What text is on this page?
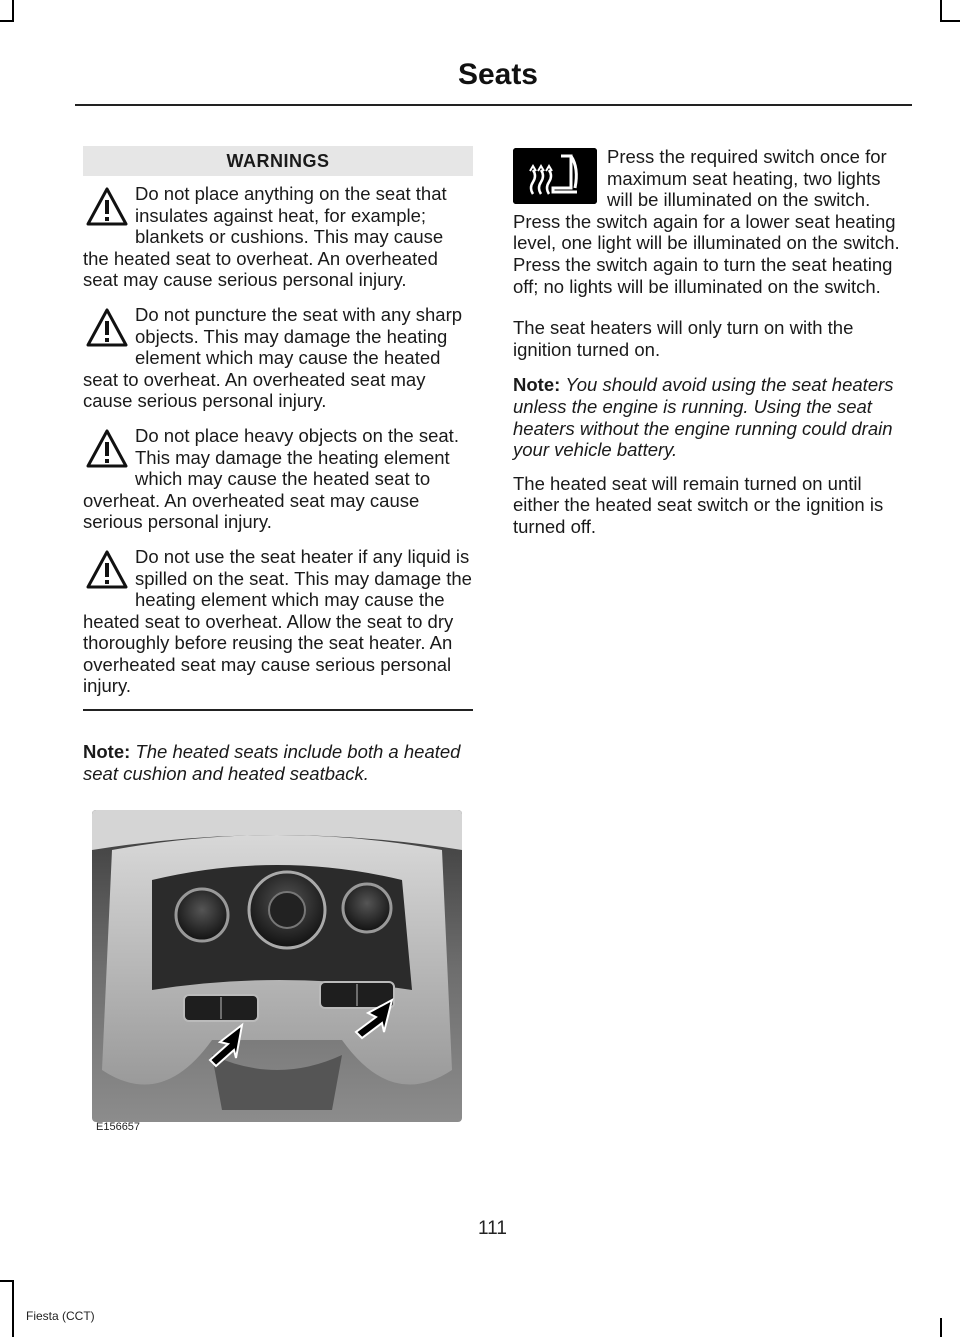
Seats
WARNINGS

Do not place anything on the seat that insulates against heat, for example; blankets or cushions. This may cause the heated seat to overheat. An overheated seat may cause serious personal injury.

Do not puncture the seat with any sharp objects. This may damage the heating element which may cause the heated seat to overheat. An overheated seat may cause serious personal injury.

Do not place heavy objects on the seat. This may damage the heating element which may cause the heated seat to overheat. An overheated seat may cause serious personal injury.

Do not use the seat heater if any liquid is spilled on the seat. This may damage the heating element which may cause the heated seat to overheat. Allow the seat to dry thoroughly before reusing the seat heater. An overheated seat may cause serious personal injury.

Note: The heated seats include both a heated seat cushion and heated seatback.
E156657

Press the required switch once for maximum seat heating, two lights will be illuminated on the switch. Press the switch again for a lower seat heating level, one light will be illuminated on the switch. Press the switch again to turn the seat heating off; no lights will be illuminated on the switch.

The seat heaters will only turn on with the ignition turned on.

Note: You should avoid using the seat heaters unless the engine is running. Using the seat heaters without the engine running could drain your vehicle battery.

The heated seat will remain turned on until either the heated seat switch or the ignition is turned off.

111
Fiesta (CCT)
